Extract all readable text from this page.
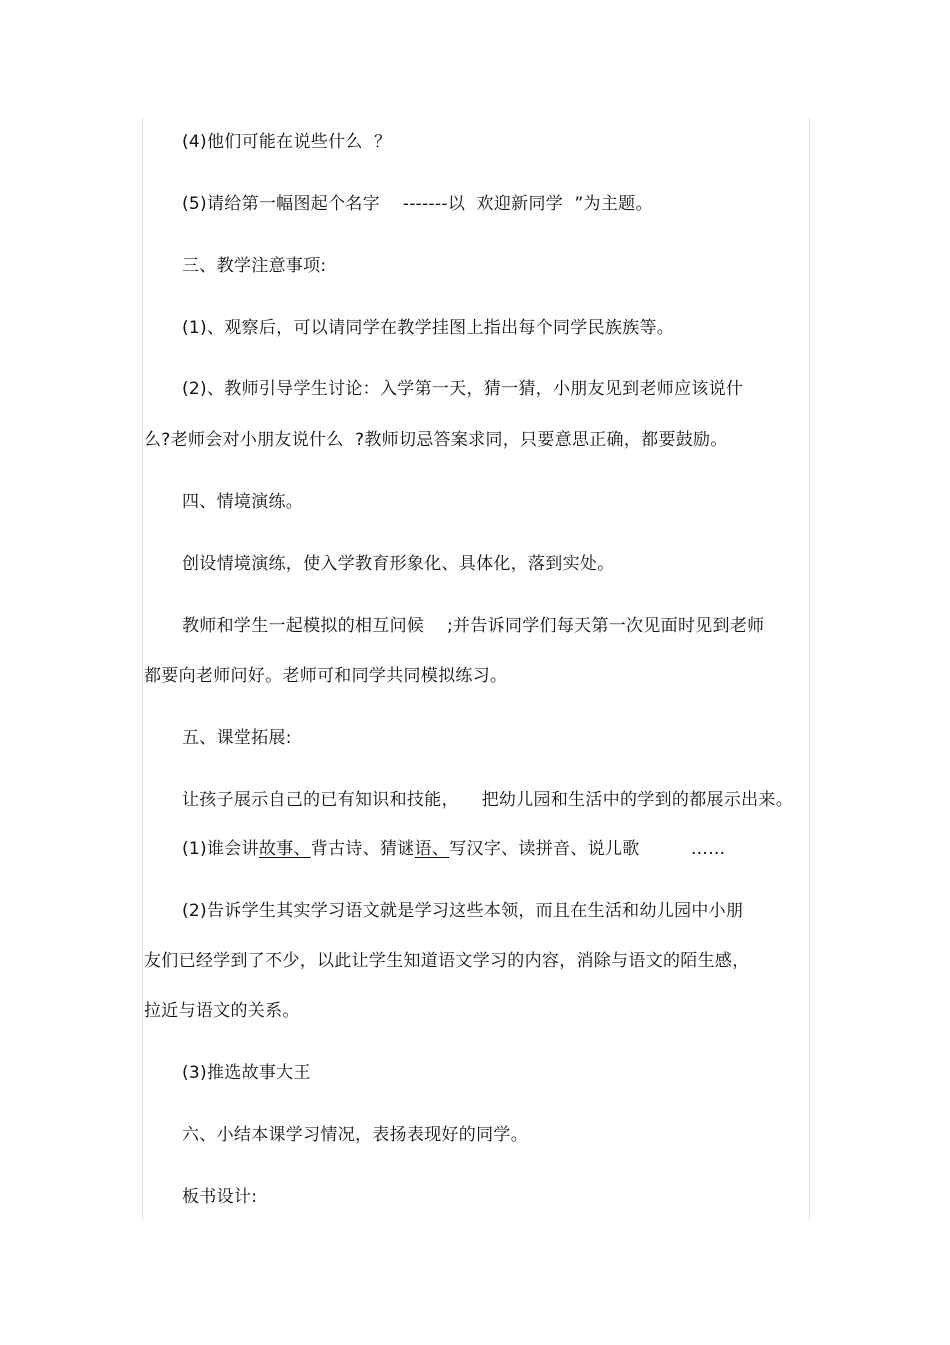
(4)他们可能在说些什么  ？
(5)请给第一幅图起个名字    -------以  欢迎新同学  ”为主题。
三、教学注意事项:
(1)、观察后，可以请同学在教学挂图上指出每个同学民族族等。
(2)、教师引导学生讨论：入学第一天，猜一猜，小朋友见到老师应该说什
么?老师会对小朋友说什么  ?教师切忌答案求同，只要意思正确，都要鼓励。
四、情境演练。
创设情境演练，使入学教育形象化、具体化，落到实处。
教师和学生一起模拟的相互问候    ;并告诉同学们每天第一次见面时见到老师
都要向老师问好。老师可和同学共同模拟练习。
五、课堂拓展:
让孩子展示自己的已有知识和技能，    把幼儿园和生活中的学到的都展示出来。
(1)谁会讲故事、背古诗、猜谜语、写汉字、读拼音、说儿歌         ……
(2)告诉学生其实学习语文就是学习这些本领，而且在生活和幼儿园中小朋
友们已经学到了不少，以此让学生知道语文学习的内容，消除与语文的陌生感，
拉近与语文的关系。
(3)推选故事大王
六、小结本课学习情况，表扬表现好的同学。
板书设计:
